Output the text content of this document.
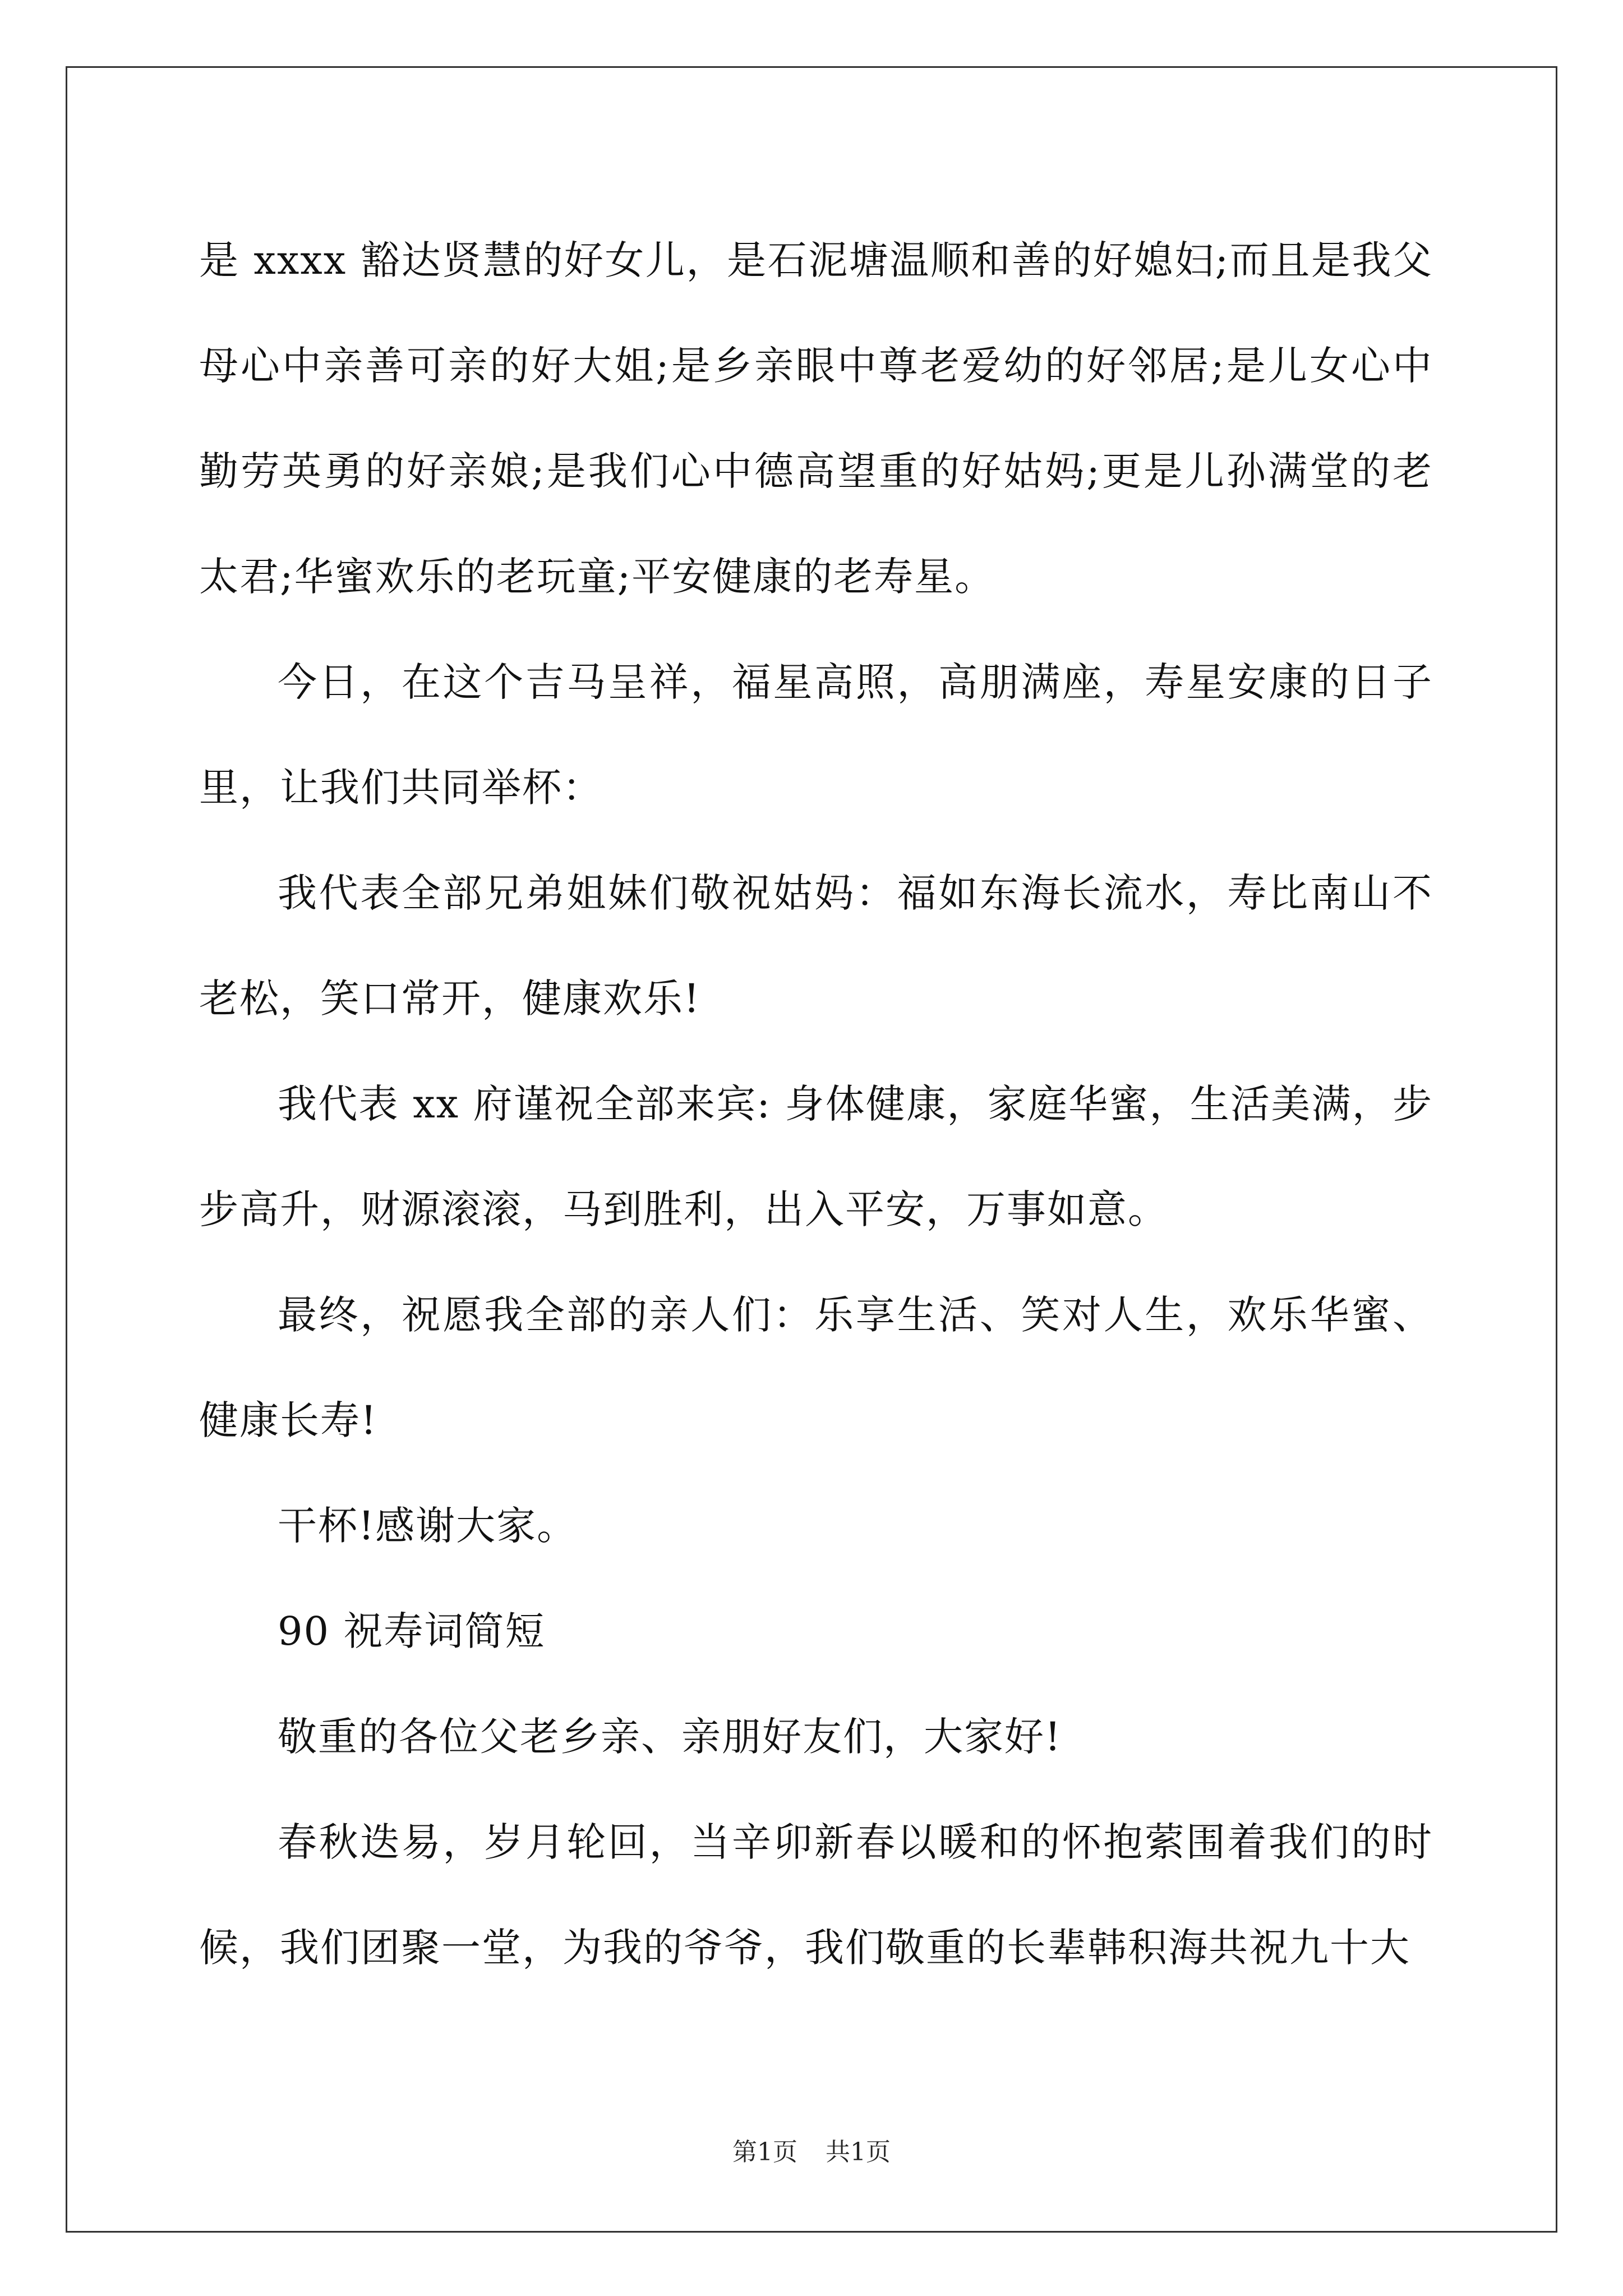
是 xxxx 豁达贤慧的好女儿，是石泥塘温顺和善的好媳妇;而且是我父母心中亲善可亲的好大姐;是乡亲眼中尊老爱幼的好邻居;是儿女心中勤劳英勇的好亲娘;是我们心中德高望重的好姑妈;更是儿孙满堂的老太君;华蜜欢乐的老玩童;平安健康的老寿星。

今日，在这个吉马呈祥，福星高照，高朋满座，寿星安康的日子里，让我们共同举杯：

我代表全部兄弟姐妹们敬祝姑妈：福如东海长流水，寿比南山不老松，笑口常开，健康欢乐!

我代表 xx 府谨祝全部来宾: 身体健康，家庭华蜜，生活美满，步步高升，财源滚滚，马到胜利，出入平安，万事如意。

最终，祝愿我全部的亲人们：乐享生活、笑对人生，欢乐华蜜、健康长寿!

干杯!感谢大家。

90 祝寿词简短

敬重的各位父老乡亲、亲朋好友们，大家好!

春秋迭易，岁月轮回，当辛卯新春以暖和的怀抱萦围着我们的时候，我们团聚一堂，为我的爷爷，我们敬重的长辈韩积海共祝九十大

第1页 共1页
